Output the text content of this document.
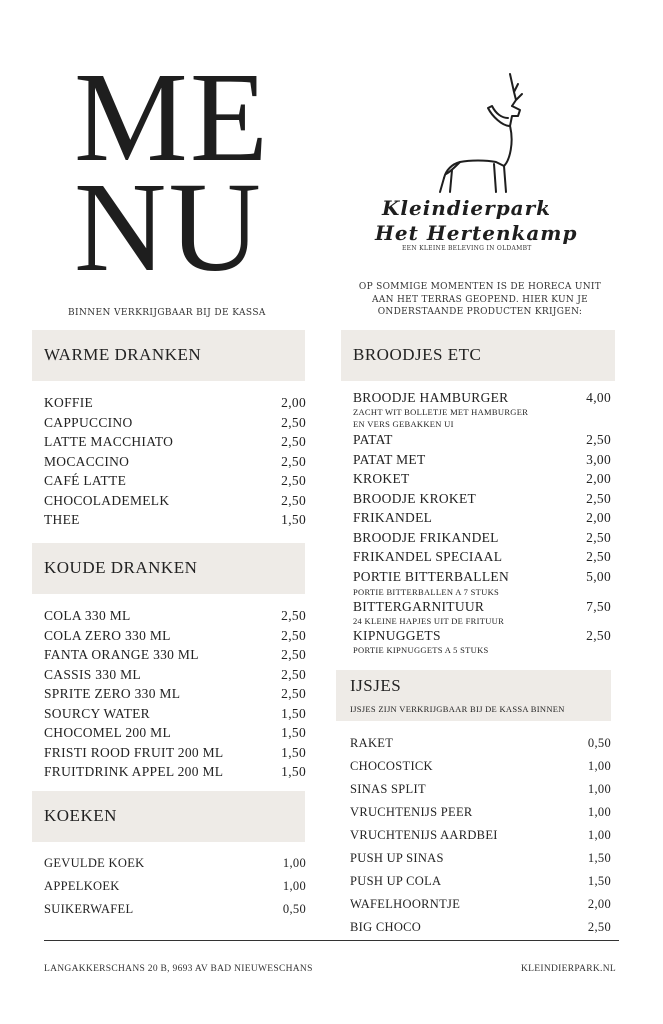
ME
NU
BINNEN VERKRIJGBAAR BIJ DE KASSA
Kleindierpark
Het Hertenkamp
EEN KLEINE BELEVING IN OLDAMBT
OP SOMMIGE MOMENTEN IS DE HORECA UNIT
AAN HET TERRAS GEOPEND. HIER KUN JE
ONDERSTAANDE PRODUCTEN KRIJGEN:
WARME DRANKEN
KOFFIE	2,00
CAPPUCCINO	2,50
LATTE MACCHIATO	2,50
MOCACCINO	2,50
CAFÉ LATTE	2,50
CHOCOLADEMELK	2,50
THEE	1,50
KOUDE DRANKEN
COLA 330 ML	2,50
COLA ZERO 330 ML	2,50
FANTA ORANGE 330 ML	2,50
CASSIS 330 ML	2,50
SPRITE ZERO 330 ML	2,50
SOURCY WATER	1,50
CHOCOMEL 200 ML	1,50
FRISTI ROOD FRUIT 200 ML	1,50
FRUITDRINK APPEL 200 ML	1,50
KOEKEN
GEVULDE KOEK	1,00
APPELKOEK	1,00
SUIKERWAFEL	0,50
BROODJES ETC
BROODJE HAMBURGER	4,00
ZACHT WIT BOLLETJE MET HAMBURGER
EN VERS GEBAKKEN UI
PATAT	2,50
PATAT MET	3,00
KROKET	2,00
BROODJE KROKET	2,50
FRIKANDEL	2,00
BROODJE FRIKANDEL	2,50
FRIKANDEL SPECIAAL	2,50
PORTIE BITTERBALLEN	5,00
PORTIE BITTERBALLEN A 7 STUKS
BITTERGARNITUUR	7,50
24 KLEINE HAPJES UIT DE FRITUUR
KIPNUGGETS	2,50
PORTIE KIPNUGGETS A 5 STUKS
IJSJES
IJSJES ZIJN VERKRIJGBAAR BIJ DE KASSA BINNEN
RAKET	0,50
CHOCOSTICK	1,00
SINAS SPLIT	1,00
VRUCHTENIJS PEER	1,00
VRUCHTENIJS AARDBEI	1,00
PUSH UP SINAS	1,50
PUSH UP COLA	1,50
WAFELHOORNTJE	2,00
BIG CHOCO	2,50
LANGAKKERSCHANS 20 B, 9693 AV BAD NIEUWESCHANS	KLEINDIERPARK.NL
